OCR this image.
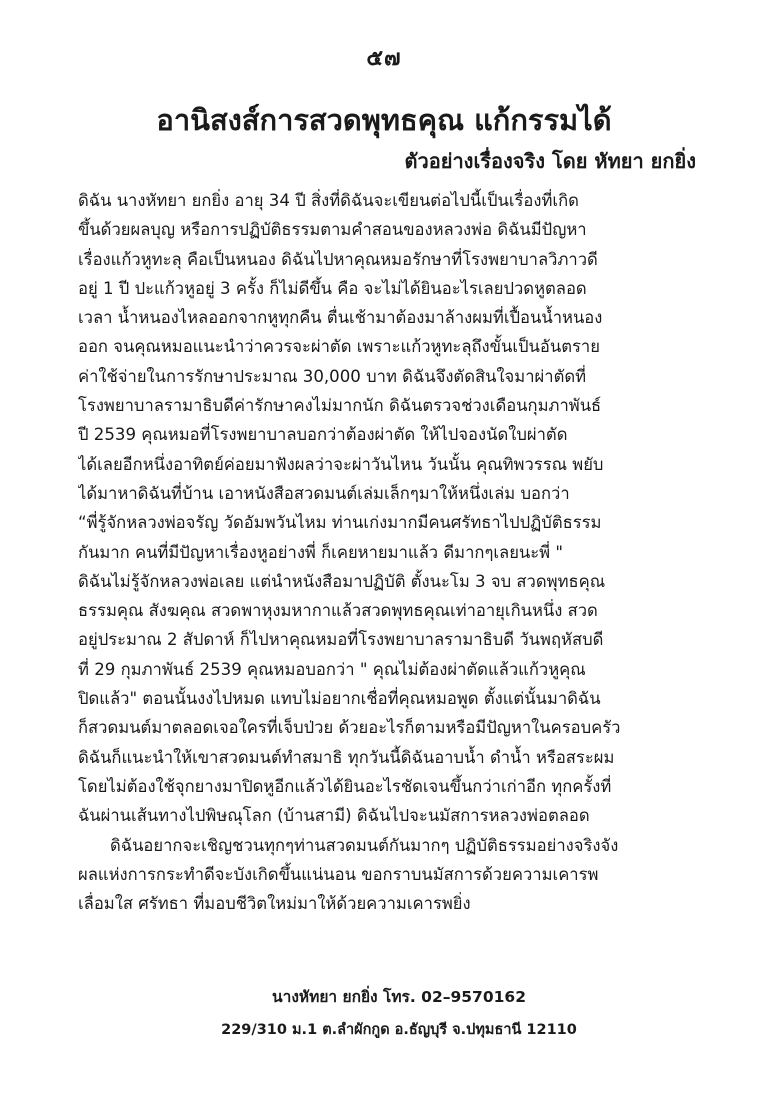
๕๗
อานิสงส์การสวดพุทธคุณ แก้กรรมได้
ตัวอย่างเรื่องจริง โดย หัทยา ยกยิ่ง
ดิฉัน นางหัทยา ยกยิ่ง อายุ 34 ปี สิ่งที่ดิฉันจะเขียนต่อไปนี้เป็นเรื่องที่เกิด
ขึ้นด้วยผลบุญ หรือการปฏิบัติธรรมตามคำสอนของหลวงพ่อ ดิฉันมีปัญหา
เรื่องแก้วหูทะลุ คือเป็นหนอง ดิฉันไปหาคุณหมอรักษาที่โรงพยาบาลวิภาวดี
อยู่ 1 ปี ปะแก้วหูอยู่ 3 ครั้ง ก็ไม่ดีขึ้น คือ จะไม่ได้ยินอะไรเลยปวดหูตลอด
เวลา น้ำหนองไหลออกจากหูทุกคืน ตื่นเช้ามาต้องมาล้างผมที่เปื้อนน้ำหนอง
ออก จนคุณหมอแนะนำว่าควรจะผ่าตัด เพราะแก้วหูทะลุถึงขั้นเป็นอันตราย
ค่าใช้จ่ายในการรักษาประมาณ 30,000 บาท ดิฉันจึงตัดสินใจมาผ่าตัดที่
โรงพยาบาลรามาธิบดีค่ารักษาคงไม่มากนัก ดิฉันตรวจช่วงเดือนกุมภาพันธ์
ปี 2539 คุณหมอที่โรงพยาบาลบอกว่าต้องผ่าตัด ให้ไปจองนัดใบผ่าตัด
ได้เลยอีกหนึ่งอาทิตย์ค่อยมาฟังผลว่าจะผ่าวันไหน วันนั้น คุณทิพวรรณ พยับ
ได้มาหาดิฉันที่บ้าน เอาหนังสือสวดมนต์เล่มเล็กๆมาให้หนึ่งเล่ม บอกว่า
“พี่รู้จักหลวงพ่อจรัญ วัดอัมพวันไหม ท่านเก่งมากมีคนศรัทธาไปปฏิบัติธรรม
กันมาก คนที่มีปัญหาเรื่องหูอย่างพี่ ก็เคยหายมาแล้ว ดีมากๆเลยนะพี่ "
ดิฉันไม่รู้จักหลวงพ่อเลย แต่นำหนังสือมาปฏิบัติ ตั้งนะโม 3 จบ สวดพุทธคุณ
ธรรมคุณ สังฆคุณ สวดพาหุงมหากาแล้วสวดพุทธคุณเท่าอายุเกินหนึ่ง สวด
อยู่ประมาณ 2 สัปดาห์ ก็ไปหาคุณหมอที่โรงพยาบาลรามาธิบดี วันพฤหัสบดี
ที่ 29 กุมภาพันธ์ 2539 คุณหมอบอกว่า " คุณไม่ต้องผ่าตัดแล้วแก้วหูคุณ
ปิดแล้ว" ตอนนั้นงงไปหมด แทบไม่อยากเชื่อที่คุณหมอพูด ตั้งแต่นั้นมาดิฉัน
ก็สวดมนต์มาตลอดเจอใครที่เจ็บป่วย ด้วยอะไรก็ตามหรือมีปัญหาในครอบครัว
ดิฉันก็แนะนำให้เขาสวดมนต์ทำสมาธิ ทุกวันนี้ดิฉันอาบน้ำ ดำน้ำ หรือสระผม
โดยไม่ต้องใช้จุกยางมาปิดหูอีกแล้วได้ยินอะไรชัดเจนขึ้นกว่าเก่าอีก ทุกครั้งที่
ฉันผ่านเส้นทางไปพิษณุโลก (บ้านสามี) ดิฉันไปจะนมัสการหลวงพ่อตลอด
ดิฉันอยากจะเชิญชวนทุกๆท่านสวดมนต์กันมากๆ ปฏิบัติธรรมอย่างจริงจัง
ผลแห่งการกระทำดีจะบังเกิดขึ้นแน่นอน ขอกราบนมัสการด้วยความเคารพ
เลื่อมใส ศรัทธา ที่มอบชีวิตใหม่มาให้ด้วยความเคารพยิ่ง
นางหัทยา ยกยิ่ง โทร. 02–9570162
229/310 ม.1 ต.ลำผักกูด อ.ธัญบุรี จ.ปทุมธานี 12110
